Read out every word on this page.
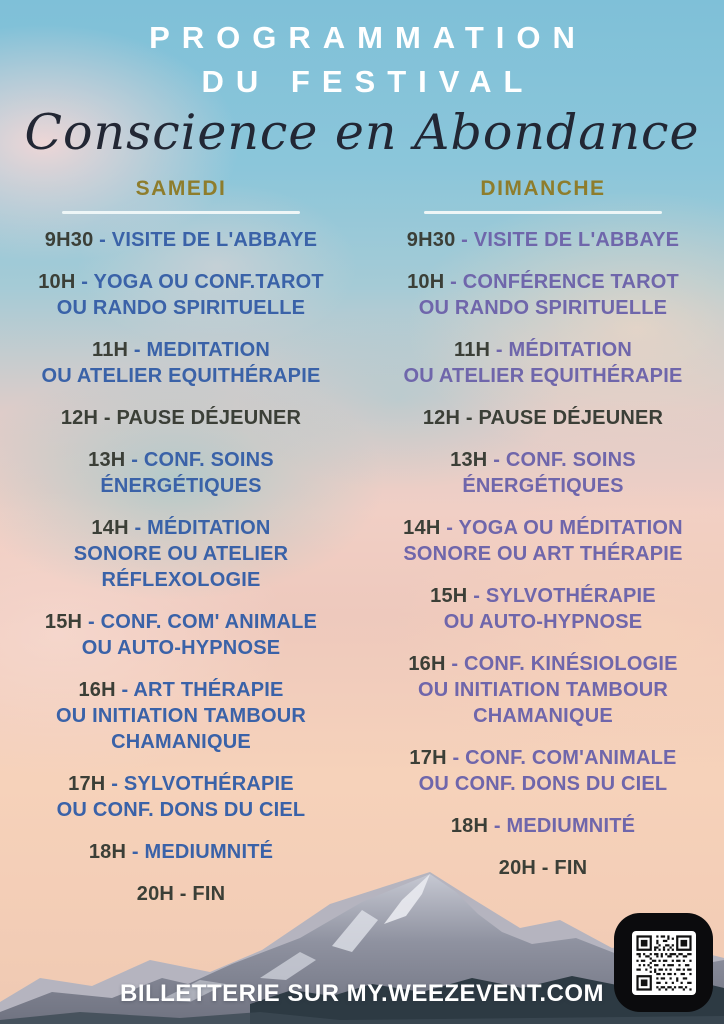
PROGRAMMATION
DU FESTIVAL
Conscience en Abondance
SAMEDI
9H30 - VISITE DE L'ABBAYE
10H - YOGA OU CONF.TAROT
OU RANDO SPIRITUELLE
11H - MEDITATION
OU ATELIER EQUITHÉRAPIE
12H - PAUSE DÉJEUNER
13H - CONF. SOINS
ÉNERGÉTIQUES
14H - MÉDITATION
SONORE OU ATELIER
RÉFLEXOLOGIE
15H - CONF. COM' ANIMALE
OU AUTO-HYPNOSE
16H - ART THÉRAPIE
OU INITIATION TAMBOUR
CHAMANIQUE
17H - SYLVOTHÉRAPIE
OU CONF. DONS DU CIEL
18H - MEDIUMNITÉ
20H - FIN
DIMANCHE
9H30 - VISITE DE L'ABBAYE
10H - CONFÉRENCE TAROT
OU RANDO SPIRITUELLE
11H - MÉDITATION
OU ATELIER EQUITHÉRAPIE
12H - PAUSE DÉJEUNER
13H - CONF. SOINS
ÉNERGÉTIQUES
14H - YOGA OU MÉDITATION
SONORE OU ART THÉRAPIE
15H - SYLVOTHÉRAPIE
OU AUTO-HYPNOSE
16H - CONF. KINÉSIOLOGIE
OU INITIATION TAMBOUR
CHAMANIQUE
17H - CONF. COM'ANIMALE
OU CONF. DONS DU CIEL
18H - MEDIUMNITÉ
20H - FIN
BILLETTERIE SUR MY.WEEZEVENT.COM
